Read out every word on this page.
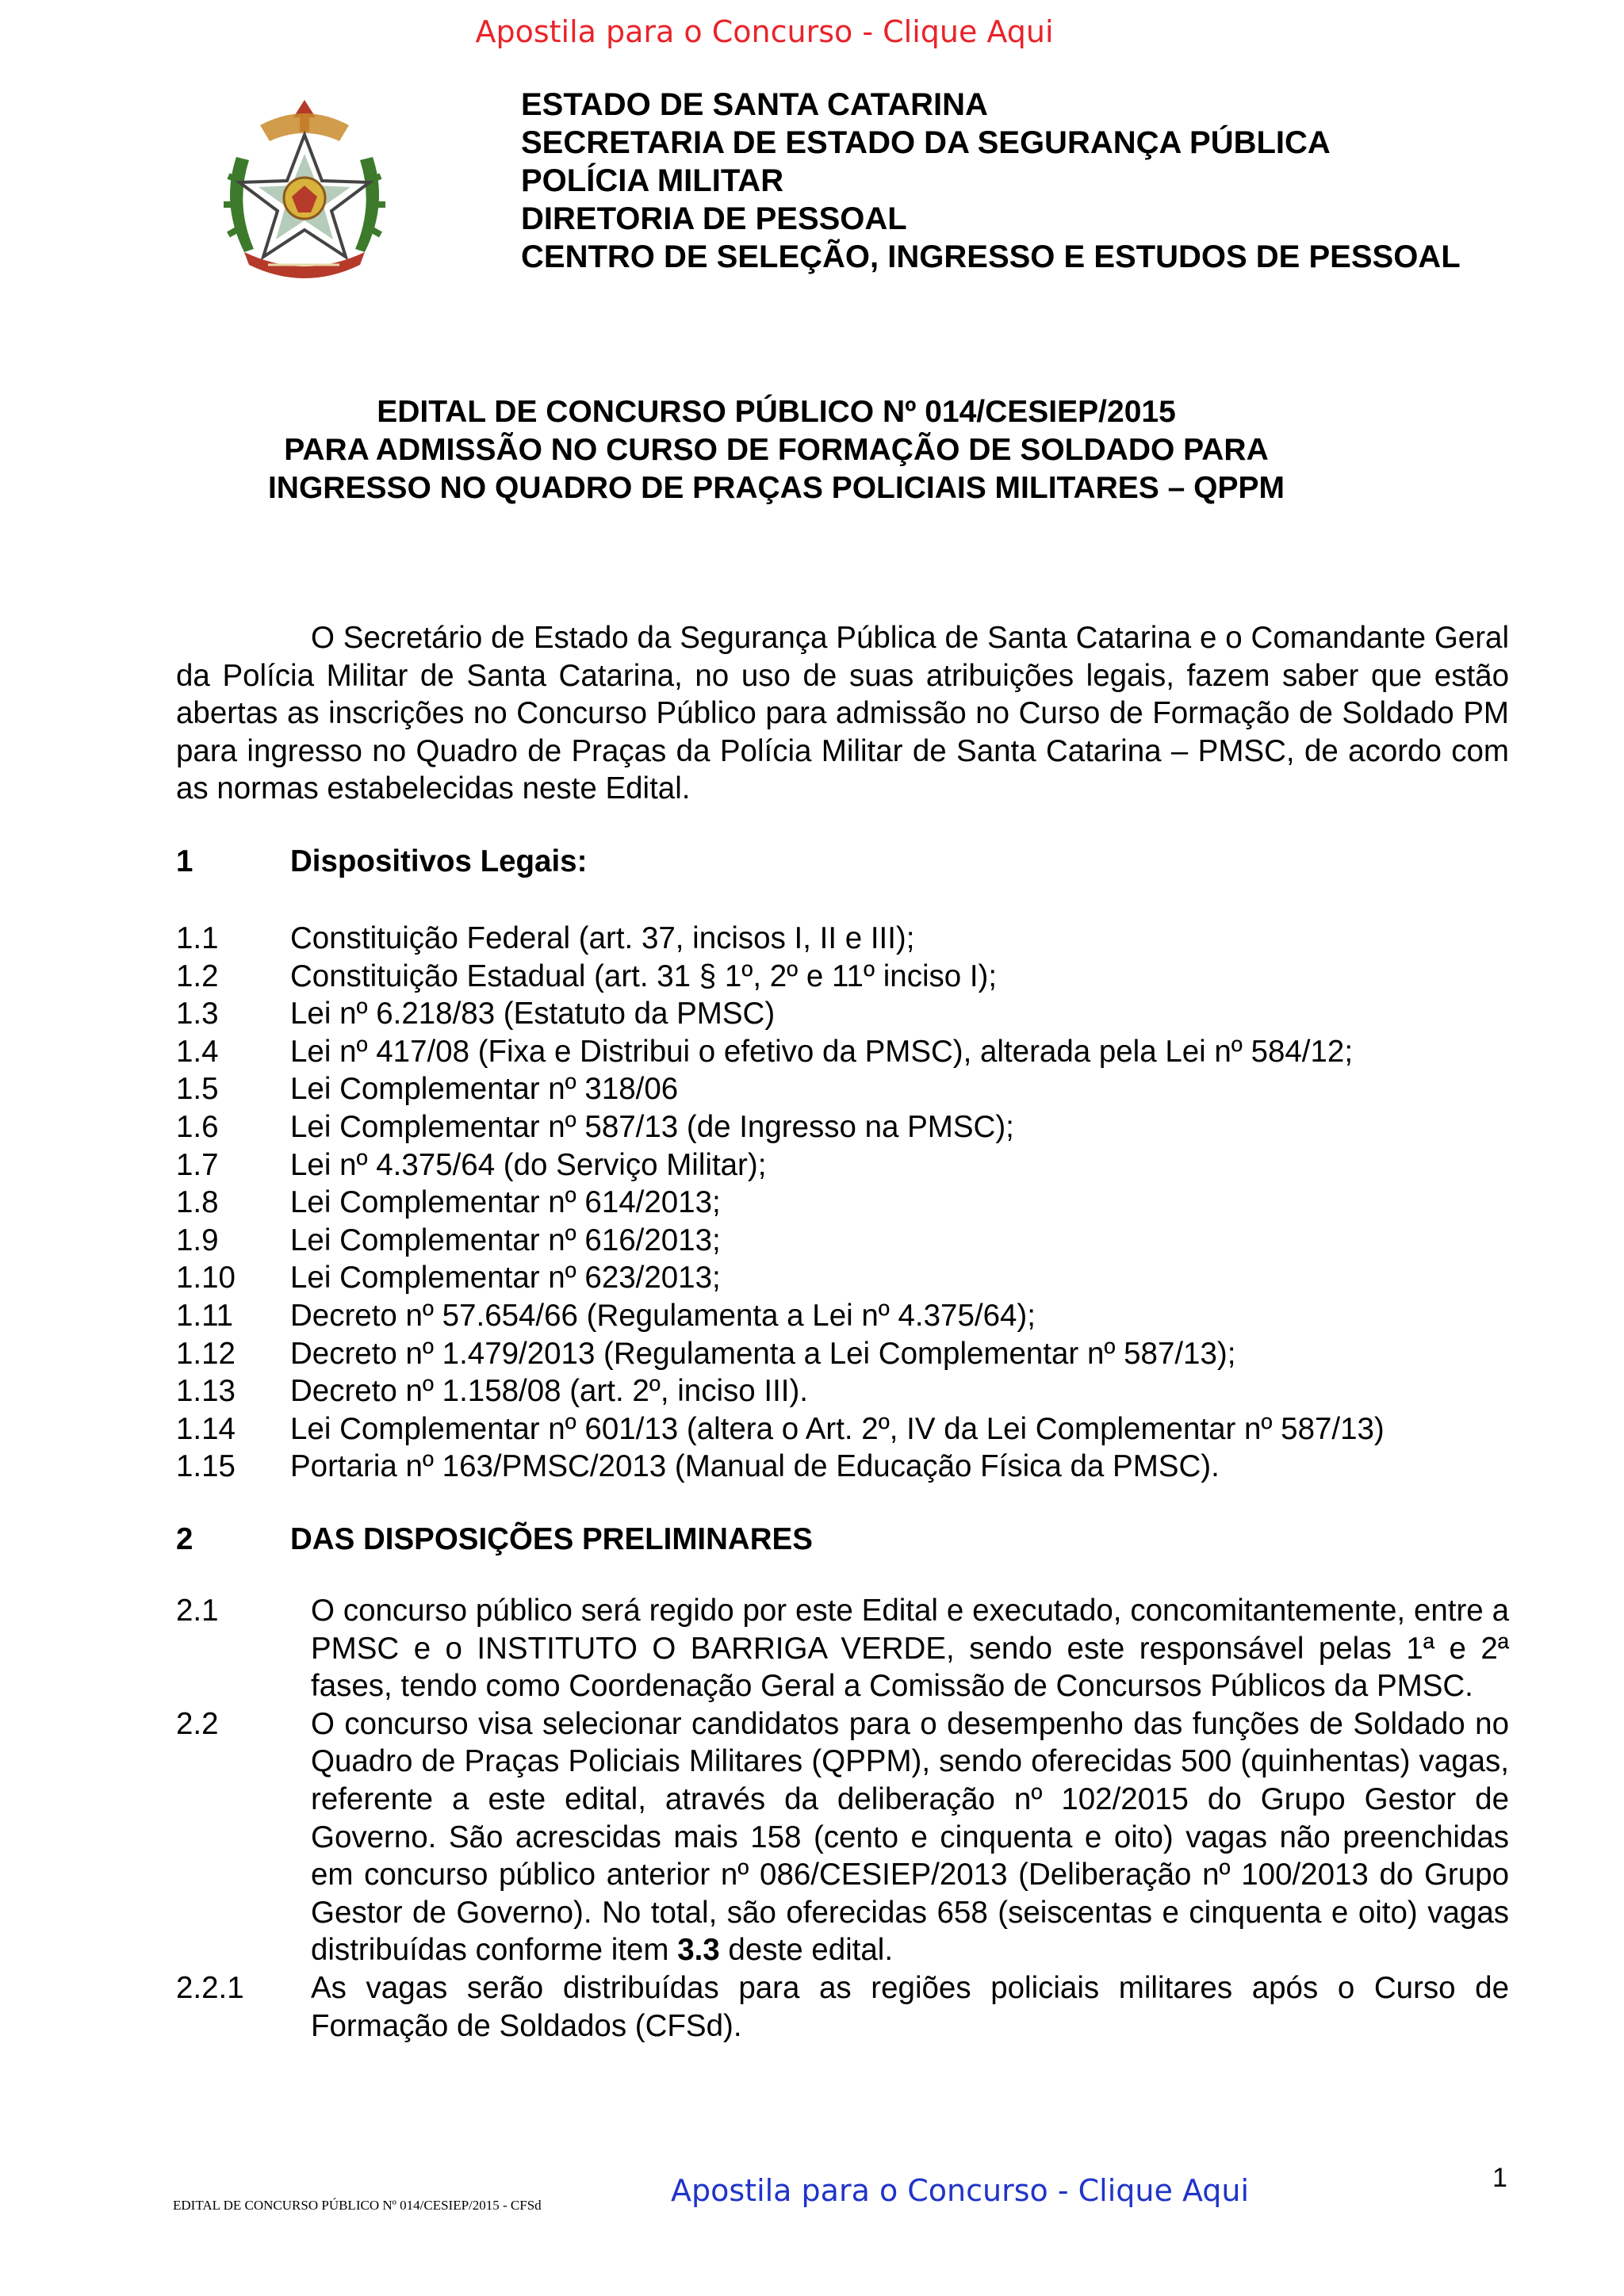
Apostila para o Concurso - Clique Aqui
ESTADO DE SANTA CATARINA
SECRETARIA DE ESTADO DA SEGURANÇA PÚBLICA
POLÍCIA MILITAR
DIRETORIA DE PESSOAL
CENTRO DE SELEÇÃO, INGRESSO E ESTUDOS DE PESSOAL
EDITAL DE CONCURSO PÚBLICO Nº 014/CESIEP/2015
PARA ADMISSÃO NO CURSO DE FORMAÇÃO DE SOLDADO PARA
INGRESSO NO QUADRO DE PRAÇAS POLICIAIS MILITARES – QPPM
O Secretário de Estado da Segurança Pública de Santa Catarina e o Comandante Geral da Polícia Militar de Santa Catarina, no uso de suas atribuições legais, fazem saber que estão abertas as inscrições no Concurso Público para admissão no Curso de Formação de Soldado PM para ingresso no Quadro de Praças da Polícia Militar de Santa Catarina – PMSC, de acordo com as normas estabelecidas neste Edital.
1	Dispositivos Legais:
1.1 Constituição Federal (art. 37, incisos I, II e III);
1.2 Constituição Estadual (art. 31 § 1º, 2º e 11º inciso I);
1.3 Lei nº 6.218/83 (Estatuto da PMSC)
1.4 Lei nº 417/08 (Fixa e Distribui o efetivo da PMSC), alterada pela Lei nº 584/12;
1.5 Lei Complementar nº 318/06
1.6 Lei Complementar nº 587/13 (de Ingresso na PMSC);
1.7 Lei nº 4.375/64 (do Serviço Militar);
1.8 Lei Complementar nº 614/2013;
1.9 Lei Complementar nº 616/2013;
1.10 Lei Complementar nº 623/2013;
1.11 Decreto nº 57.654/66 (Regulamenta a Lei nº 4.375/64);
1.12 Decreto nº 1.479/2013 (Regulamenta a Lei Complementar nº 587/13);
1.13 Decreto nº 1.158/08 (art. 2º, inciso III).
1.14 Lei Complementar nº 601/13 (altera o Art. 2º, IV da Lei Complementar nº 587/13)
1.15 Portaria nº 163/PMSC/2013 (Manual de Educação Física da PMSC).
2	DAS DISPOSIÇÕES PRELIMINARES
2.1	O concurso público será regido por este Edital e executado, concomitantemente, entre a PMSC e o INSTITUTO O BARRIGA VERDE, sendo este responsável pelas 1ª e 2ª fases, tendo como Coordenação Geral a Comissão de Concursos Públicos da PMSC.
2.2	O concurso visa selecionar candidatos para o desempenho das funções de Soldado no Quadro de Praças Policiais Militares (QPPM), sendo oferecidas 500 (quinhentas) vagas, referente a este edital, através da deliberação nº 102/2015 do Grupo Gestor de Governo. São acrescidas mais 158 (cento e cinquenta e oito) vagas não preenchidas em concurso público anterior nº 086/CESIEP/2013 (Deliberação nº 100/2013 do Grupo Gestor de Governo). No total, são oferecidas 658 (seiscentas e cinquenta e oito) vagas distribuídas conforme item 3.3 deste edital.
2.2.1 As vagas serão distribuídas para as regiões policiais militares após o Curso de Formação de Soldados (CFSd).
EDITAL DE CONCURSO PÚBLICO Nº 014/CESIEP/2015 - CFSd	Apostila para o Concurso - Clique Aqui	1
